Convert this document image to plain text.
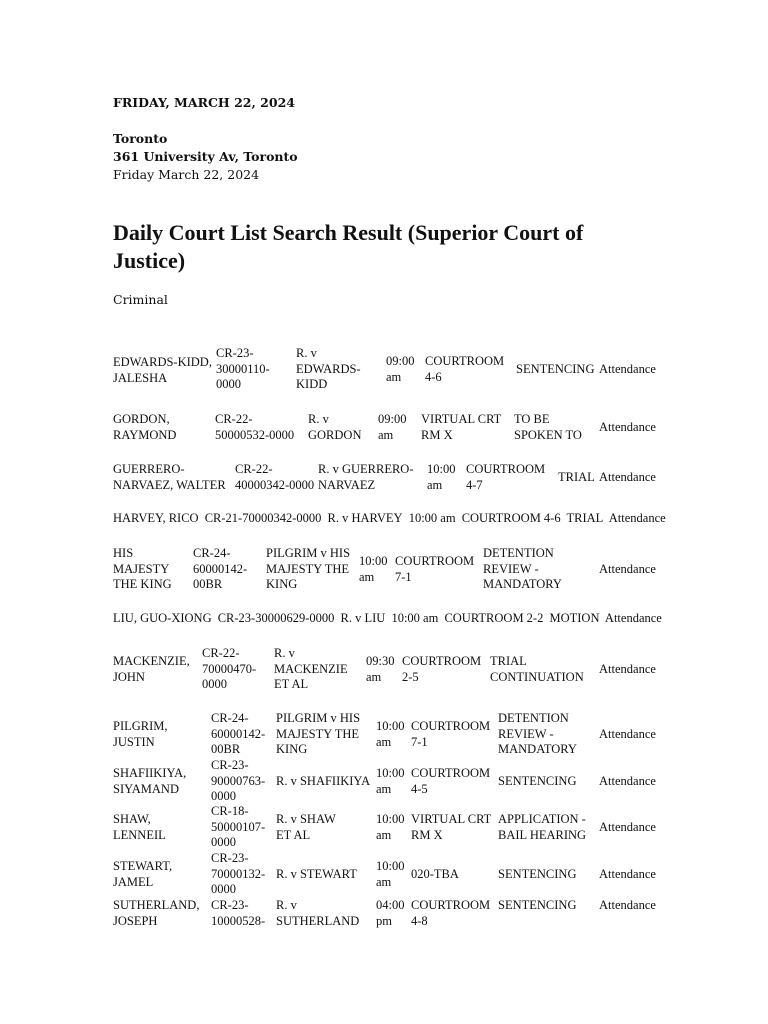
FRIDAY, MARCH 22, 2024
Toronto
361 University Av, Toronto
Friday March 22, 2024
Daily Court List Search Result (Superior Court of Justice)
Criminal
EDWARDS-KIDD, JALESHA
CR-23-30000110-0000
R. v EDWARDS-KIDD
09:00 am
COURTROOM 4-6
SENTENCING Attendance
GORDON, RAYMOND
CR-22-50000532-0000
R. v GORDON
09:00 am
VIRTUAL CRT RM X
TO BE SPOKEN TO
Attendance
GUERRERO-NARVAEZ, WALTER
CR-22-40000342-0000
R. v GUERRERO-NARVAEZ
10:00 am
COURTROOM 4-7
TRIAL Attendance
HARVEY, RICO CR-21-70000342-0000 R. v HARVEY 10:00 am COURTROOM 4-6 TRIAL Attendance
HIS MAJESTY THE KING
CR-24-60000142-00BR
PILGRIM v HIS MAJESTY THE KING
10:00 am
COURTROOM 7-1
DETENTION REVIEW - MANDATORY
Attendance
LIU, GUO-XIONG CR-23-30000629-0000 R. v LIU 10:00 am COURTROOM 2-2 MOTION Attendance
MACKENZIE, JOHN
CR-22-70000470-0000
R. v MACKENZIE ET AL
09:30 am
COURTROOM 2-5
TRIAL CONTINUATION
Attendance
PILGRIM, JUSTIN
CR-24-60000142-00BR
PILGRIM v HIS MAJESTY THE KING
10:00 am
COURTROOM 7-1
DETENTION REVIEW - MANDATORY
Attendance
SHAFIIKIYA, SIYAMAND
CR-23-90000763-0000
R. v SHAFIIKIYA
10:00 am
COURTROOM 4-5
SENTENCING Attendance
SHAW, LENNEIL
CR-18-50000107-0000
R. v SHAW ET AL
10:00 am
VIRTUAL CRT RM X
APPLICATION - BAIL HEARING
Attendance
STEWART, JAMEL
CR-23-70000132-0000
R. v STEWART
10:00 am
020-TBA	SENTENCING Attendance
SUTHERLAND, JOSEPH
CR-23-10000528-
R. v SUTHERLAND
04:00 pm
COURTROOM 4-8
SENTENCING Attendance
